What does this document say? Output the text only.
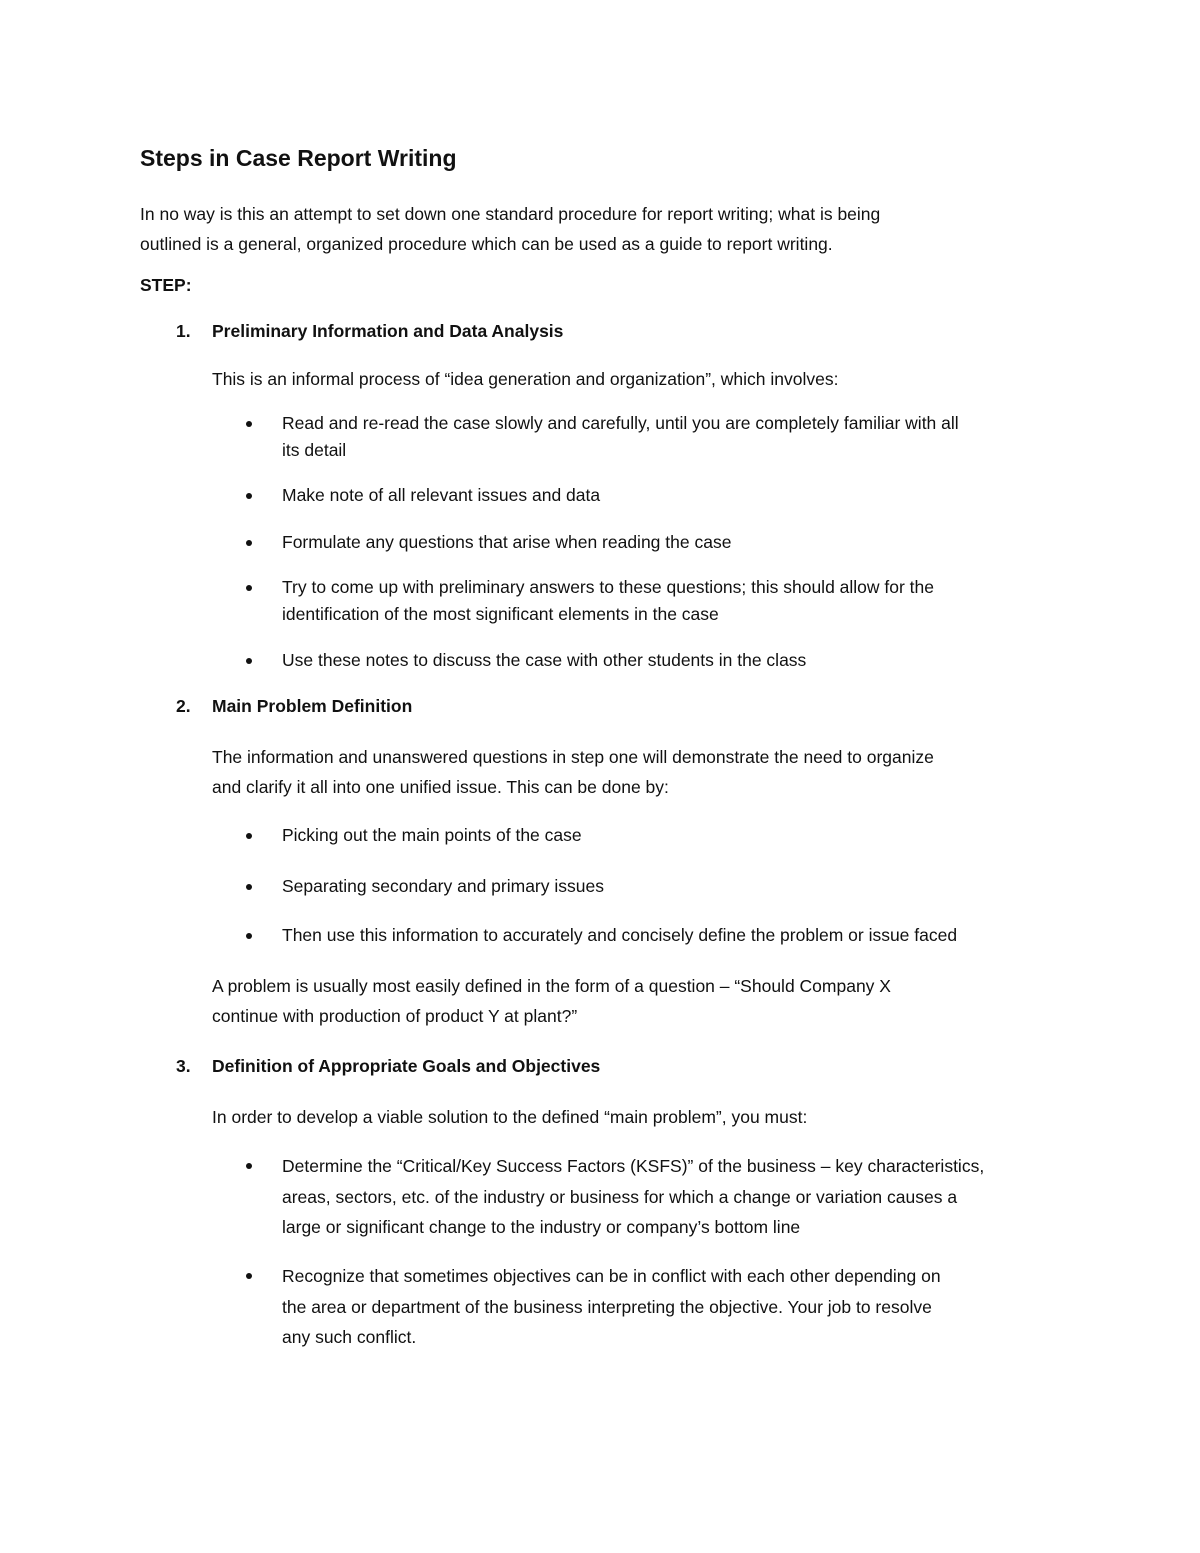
Steps in Case Report Writing
In no way is this an attempt to set down one standard procedure for report writing; what is being
outlined is a general, organized procedure which can be used as a guide to report writing.

STEP:

1. Preliminary Information and Data Analysis

This is an informal process of “idea generation and organization”, which involves:

Read and re-read the case slowly and carefully, until you are completely familiar with all
its detail
Make note of all relevant issues and data
Formulate any questions that arise when reading the case
Try to come up with preliminary answers to these questions; this should allow for the
identification of the most significant elements in the case
Use these notes to discuss the case with other students in the class
2. Main Problem Definition
The information and unanswered questions in step one will demonstrate the need to organize
and clarify it all into one unified issue. This can be done by:
Picking out the main points of the case
Separating secondary and primary issues
Then use this information to accurately and concisely define the problem or issue faced
A problem is usually most easily defined in the form of a question – “Should Company X
continue with production of product Y at plant?”
3. Definition of Appropriate Goals and Objectives

In order to develop a viable solution to the defined “main problem”, you must:

Determine the “Critical/Key Success Factors (KSFS)” of the business – key characteristics,
areas, sectors, etc. of the industry or business for which a change or variation causes a
large or significant change to the industry or company’s bottom line
Recognize that sometimes objectives can be in conflict with each other depending on
the area or department of the business interpreting the objective. Your job to resolve
any such conflict.
